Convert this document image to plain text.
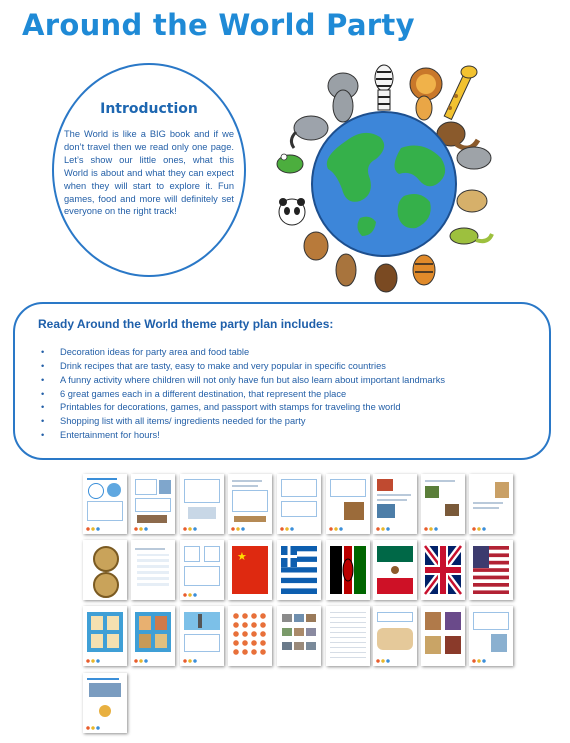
Around the World Party
Introduction
The World is like a BIG book and if we don’t travel then we read only one page. Let’s show our little ones, what this World is about and what they can expect when they will start to explore it. Fun games, food and more will definitely set everyone on the right track!
Ready Around the World theme party plan includes:
• Decoration ideas for party area and food table
• Drink recipes that are tasty, easy to make and very popular in specific countries
• A funny activity where children will not only have fun but also learn about important landmarks
• 6 great games each in a different destination, that represent the place
• Printables for decorations, games, and passport with stamps for traveling the world
• Shopping list with all items/ ingredients needed for the party
• Entertainment for hours!
★
